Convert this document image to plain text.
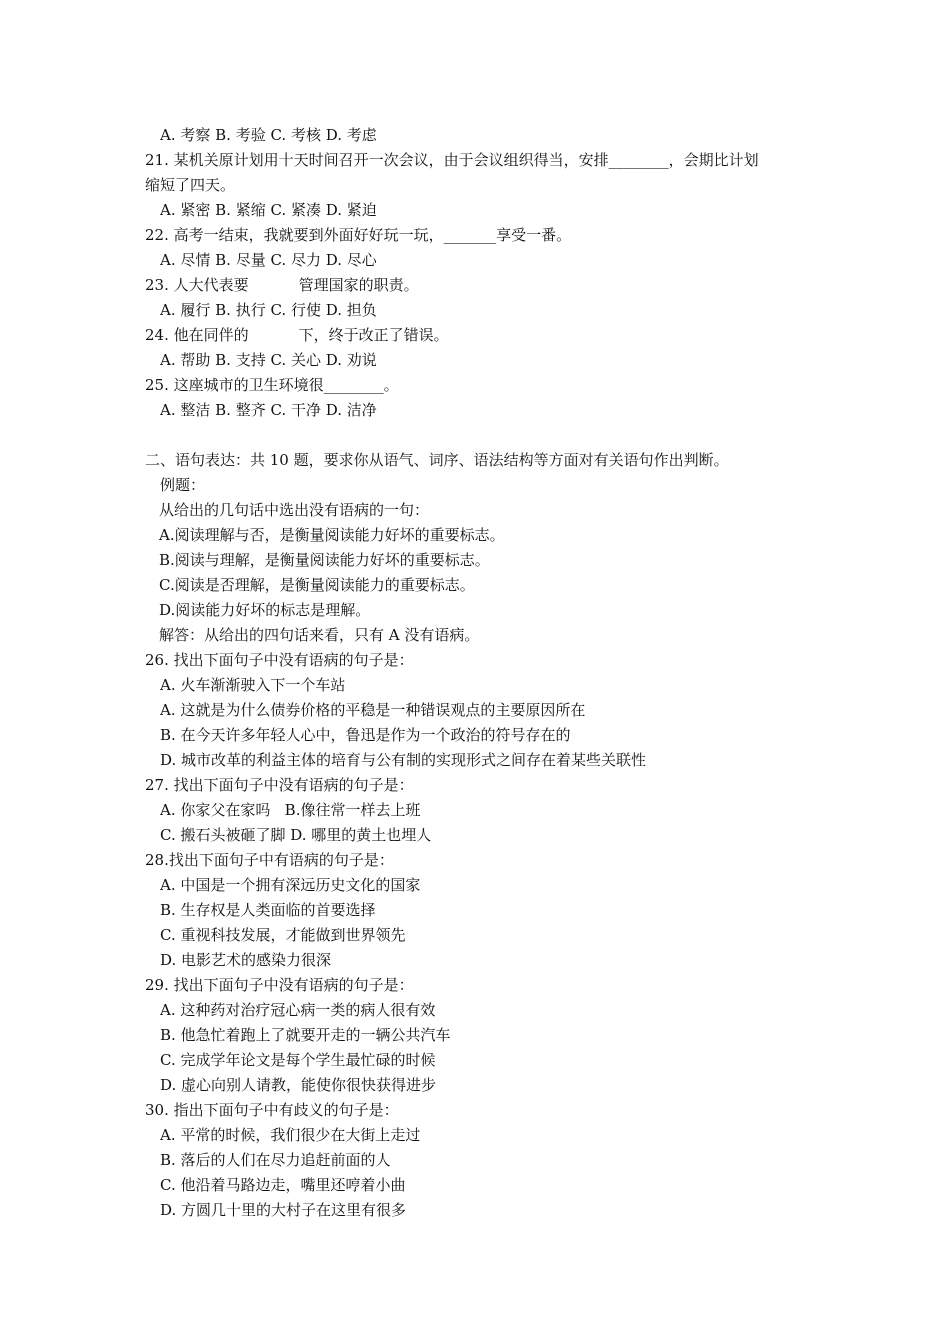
A. 考察 B. 考验 C. 考核 D. 考虑
21. 某机关原计划用十天时间召开一次会议，由于会议组织得当，安排________，会期比计划
缩短了四天。
A. 紧密 B. 紧缩 C. 紧凑 D. 紧迫
22. 高考一结束，我就要到外面好好玩一玩，_______享受一番。
A. 尽情 B. 尽量 C. 尽力 D. 尽心
23. 人大代表要	管理国家的职责。
A. 履行 B. 执行 C. 行使 D. 担负
24. 他在同伴的	下，终于改正了错误。
A. 帮助 B. 支持 C. 关心 D. 劝说
25. 这座城市的卫生环境很________。
A. 整洁 B. 整齐 C. 干净 D. 洁净
二、语句表达：共 10 题，要求你从语气、词序、语法结构等方面对有关语句作出判断。
例题：
从给出的几句话中选出没有语病的一句：
A.阅读理解与否，是衡量阅读能力好坏的重要标志。
B.阅读与理解，是衡量阅读能力好坏的重要标志。
C.阅读是否理解，是衡量阅读能力的重要标志。
D.阅读能力好坏的标志是理解。
解答：从给出的四句话来看，只有 A 没有语病。
26. 找出下面句子中没有语病的句子是：
A. 火车渐渐驶入下一个车站
A. 这就是为什么债券价格的平稳是一种错误观点的主要原因所在
B. 在今天许多年轻人心中，鲁迅是作为一个政治的符号存在的
D. 城市改革的利益主体的培育与公有制的实现形式之间存在着某些关联性
27. 找出下面句子中没有语病的句子是：
A. 你家父在家吗   B.像往常一样去上班
C. 搬石头被砸了脚 D. 哪里的黄土也埋人
28.找出下面句子中有语病的句子是：
A. 中国是一个拥有深远历史文化的国家
B. 生存权是人类面临的首要选择
C. 重视科技发展，才能做到世界领先
D. 电影艺术的感染力很深
29. 找出下面句子中没有语病的句子是：
A. 这种药对治疗冠心病一类的病人很有效
B. 他急忙着跑上了就要开走的一辆公共汽车
C. 完成学年论文是每个学生最忙碌的时候
D. 虚心向别人请教，能使你很快获得进步
30. 指出下面句子中有歧义的句子是：
A. 平常的时候，我们很少在大街上走过
B. 落后的人们在尽力追赶前面的人
C. 他沿着马路边走，嘴里还哼着小曲
D. 方圆几十里的大村子在这里有很多
